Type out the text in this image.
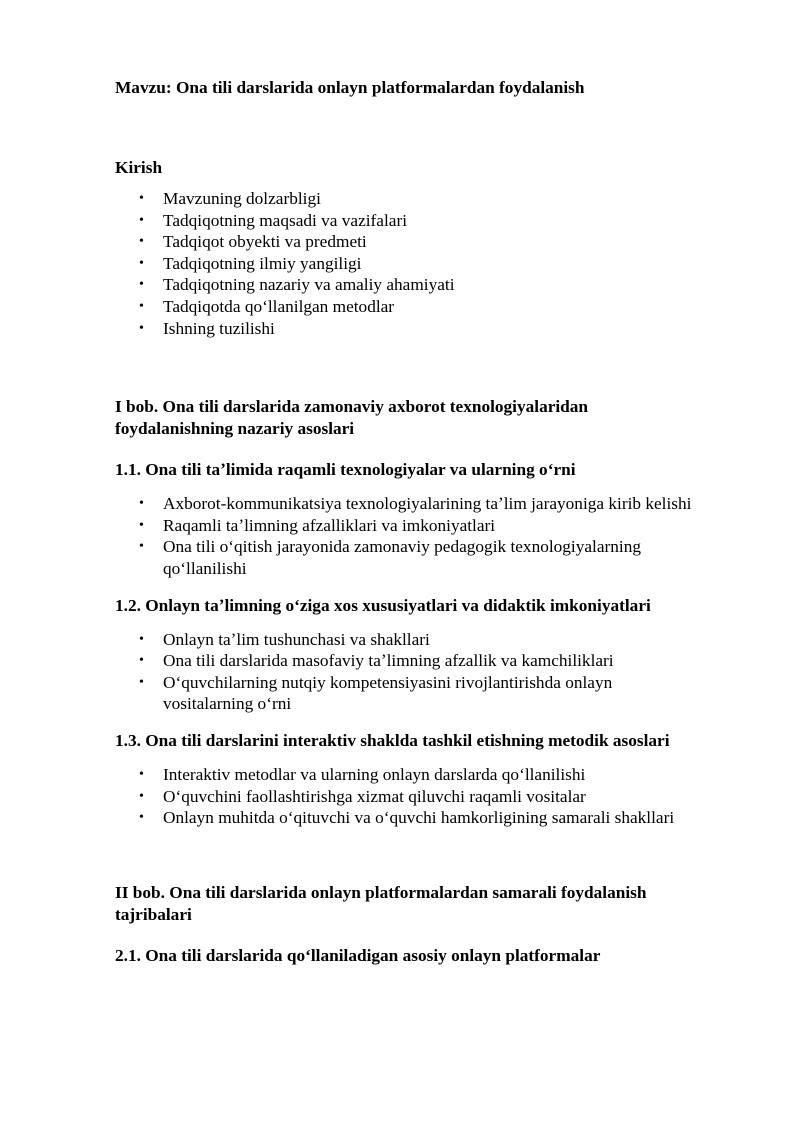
Mavzu: Ona tili darslarida onlayn platformalardan foydalanish

Kirish

• Mavzuning dolzarbligi
• Tadqiqotning maqsadi va vazifalari
• Tadqiqot obyekti va predmeti
• Tadqiqotning ilmiy yangiligi
• Tadqiqotning nazariy va amaliy ahamiyati
• Tadqiqotda qoʻllanilgan metodlar
• Ishning tuzilishi

I bob. Ona tili darslarida zamonaviy axborot texnologiyalaridan
foydalanishning nazariy asoslari

1.1. Ona tili taʼlimida raqamli texnologiyalar va ularning oʻrni

• Axborot-kommunikatsiya texnologiyalarining taʼlim jarayoniga kirib kelishi
• Raqamli taʼlimning afzalliklari va imkoniyatlari
• Ona tili oʻqitish jarayonida zamonaviy pedagogik texnologiyalarning qoʻllanilishi

1.2. Onlayn taʼlimning oʻziga xos xususiyatlari va didaktik imkoniyatlari

• Onlayn taʼlim tushunchasi va shakllari
• Ona tili darslarida masofaviy taʼlimning afzallik va kamchiliklari
• Oʻquvchilarning nutqiy kompetensiyasini rivojlantirishda onlayn vositalarning oʻrni

1.3. Ona tili darslarini interaktiv shaklda tashkil etishning metodik asoslari

• Interaktiv metodlar va ularning onlayn darslarda qoʻllanilishi
• Oʻquvchini faollashtirishga xizmat qiluvchi raqamli vositalar
• Onlayn muhitda oʻqituvchi va oʻquvchi hamkorligining samarali shakllari

II bob. Ona tili darslarida onlayn platformalardan samarali foydalanish
tajribalari

2.1. Ona tili darslarida qoʻllaniladigan asosiy onlayn platformalar
